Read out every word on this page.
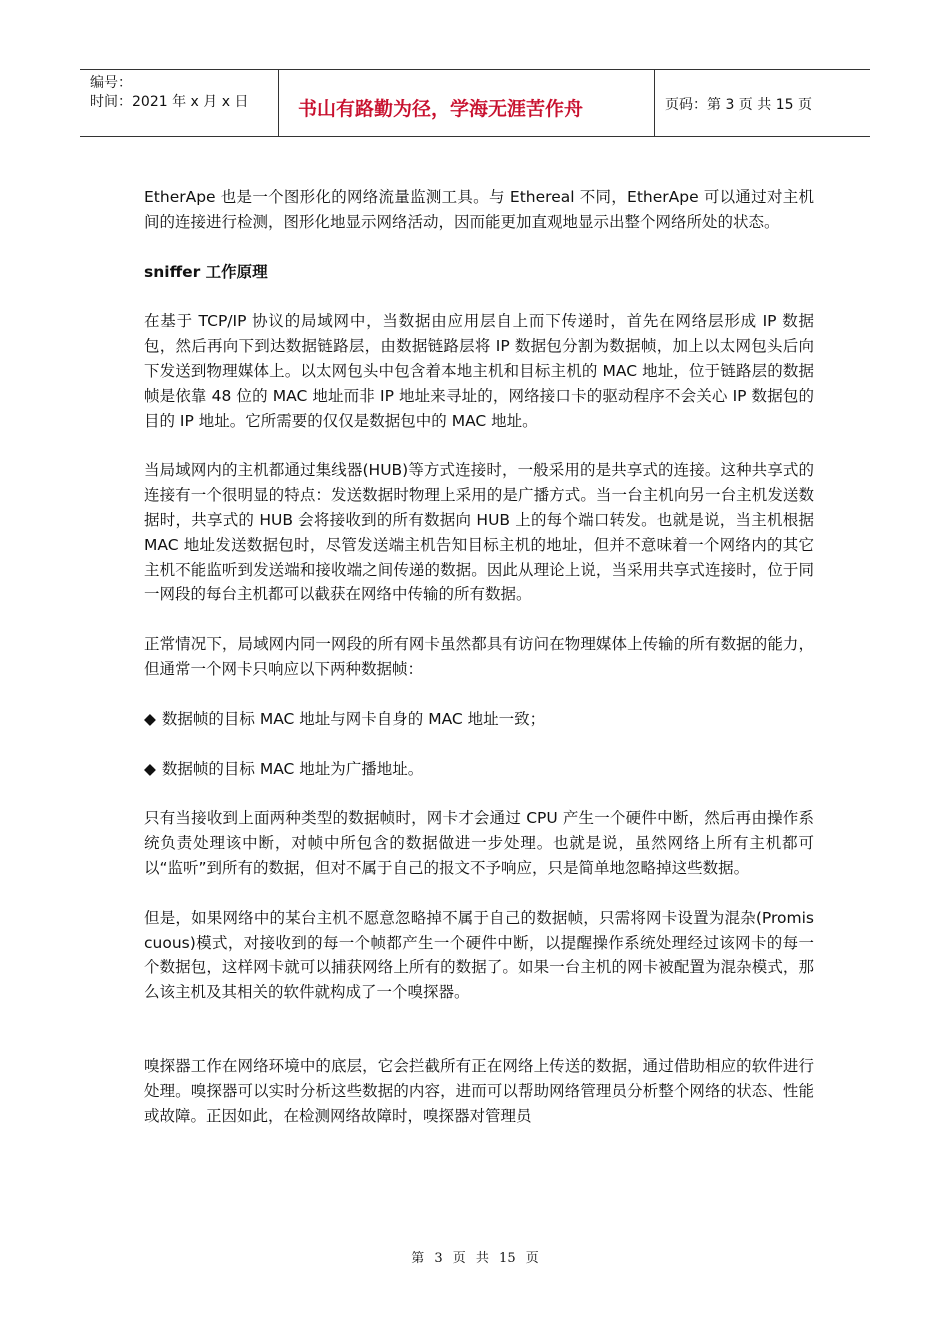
编号：
时间：2021 年 x 月 x 日	书山有路勤为径，学海无涯苦作舟	页码：第 3 页 共 15 页

EtherApe 也是一个图形化的网络流量监测工具。与 Ethereal 不同，EtherApe 可以通过对主机间的连接进行检测，图形化地显示网络活动，因而能更加直观地显示出整个网络所处的状态。

sniffer 工作原理

在基于 TCP/IP 协议的局域网中，当数据由应用层自上而下传递时，首先在网络层形成 IP 数据包，然后再向下到达数据链路层，由数据链路层将 IP 数据包分割为数据帧，加上以太网包头后向下发送到物理媒体上。以太网包头中包含着本地主机和目标主机的 MAC 地址，位于链路层的数据帧是依靠 48 位的 MAC 地址而非 IP 地址来寻址的，网络接口卡的驱动程序不会关心 IP 数据包的目的 IP 地址。它所需要的仅仅是数据包中的 MAC 地址。

当局域网内的主机都通过集线器(HUB)等方式连接时，一般采用的是共享式的连接。这种共享式的连接有一个很明显的特点：发送数据时物理上采用的是广播方式。当一台主机向另一台主机发送数据时，共享式的 HUB 会将接收到的所有数据向 HUB 上的每个端口转发。也就是说，当主机根据 MAC 地址发送数据包时，尽管发送端主机告知目标主机的地址，但并不意味着一个网络内的其它主机不能监听到发送端和接收端之间传递的数据。因此从理论上说，当采用共享式连接时，位于同一网段的每台主机都可以截获在网络中传输的所有数据。

正常情况下，局域网内同一网段的所有网卡虽然都具有访问在物理媒体上传输的所有数据的能力，但通常一个网卡只响应以下两种数据帧：

◆ 数据帧的目标 MAC 地址与网卡自身的 MAC 地址一致；
◆ 数据帧的目标 MAC 地址为广播地址。

只有当接收到上面两种类型的数据帧时，网卡才会通过 CPU 产生一个硬件中断，然后再由操作系统负责处理该中断，对帧中所包含的数据做进一步处理。也就是说，虽然网络上所有主机都可以“监听”到所有的数据，但对不属于自己的报文不予响应，只是简单地忽略掉这些数据。

但是，如果网络中的某台主机不愿意忽略掉不属于自己的数据帧，只需将网卡设置为混杂(Promiscuous)模式，对接收到的每一个帧都产生一个硬件中断，以提醒操作系统处理经过该网卡的每一个数据包，这样网卡就可以捕获网络上所有的数据了。如果一台主机的网卡被配置为混杂模式，那么该主机及其相关的软件就构成了一个嗅探器。

嗅探器工作在网络环境中的底层，它会拦截所有正在网络上传送的数据，通过借助相应的软件进行处理。嗅探器可以实时分析这些数据的内容，进而可以帮助网络管理员分析整个网络的状态、性能或故障。正因如此，在检测网络故障时，嗅探器对管理员

第 3 页 共 15 页
